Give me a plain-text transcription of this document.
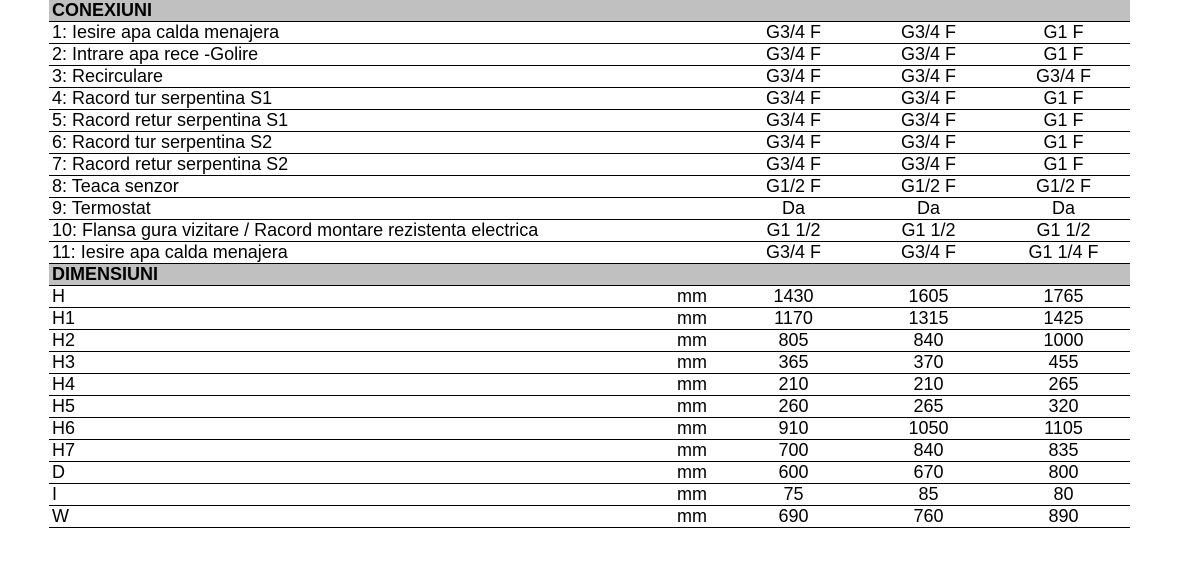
CONEXIUNI				
1: Iesire apa calda menajera		G3/4 F	G3/4 F	G1 F
2: Intrare apa rece -Golire		G3/4 F	G3/4 F	G1 F
3: Recirculare		G3/4 F	G3/4 F	G3/4 F
4: Racord tur serpentina S1		G3/4 F	G3/4 F	G1 F
5: Racord retur serpentina S1		G3/4 F	G3/4 F	G1 F
6: Racord tur serpentina S2		G3/4 F	G3/4 F	G1 F
7: Racord retur serpentina S2		G3/4 F	G3/4 F	G1 F
8: Teaca senzor		G1/2 F	G1/2 F	G1/2 F
9: Termostat		Da	Da	Da
10: Flansa gura vizitare / Racord montare rezistenta electrica		G1 1/2	G1 1/2	G1 1/2
11: Iesire apa calda menajera		G3/4 F	G3/4 F	G1 1/4 F
DIMENSIUNI				
H	mm	1430	1605	1765
H1	mm	1170	1315	1425
H2	mm	805	840	1000
H3	mm	365	370	455
H4	mm	210	210	265
H5	mm	260	265	320
H6	mm	910	1050	1105
H7	mm	700	840	835
D	mm	600	670	800
I	mm	75	85	80
W	mm	690	760	890
